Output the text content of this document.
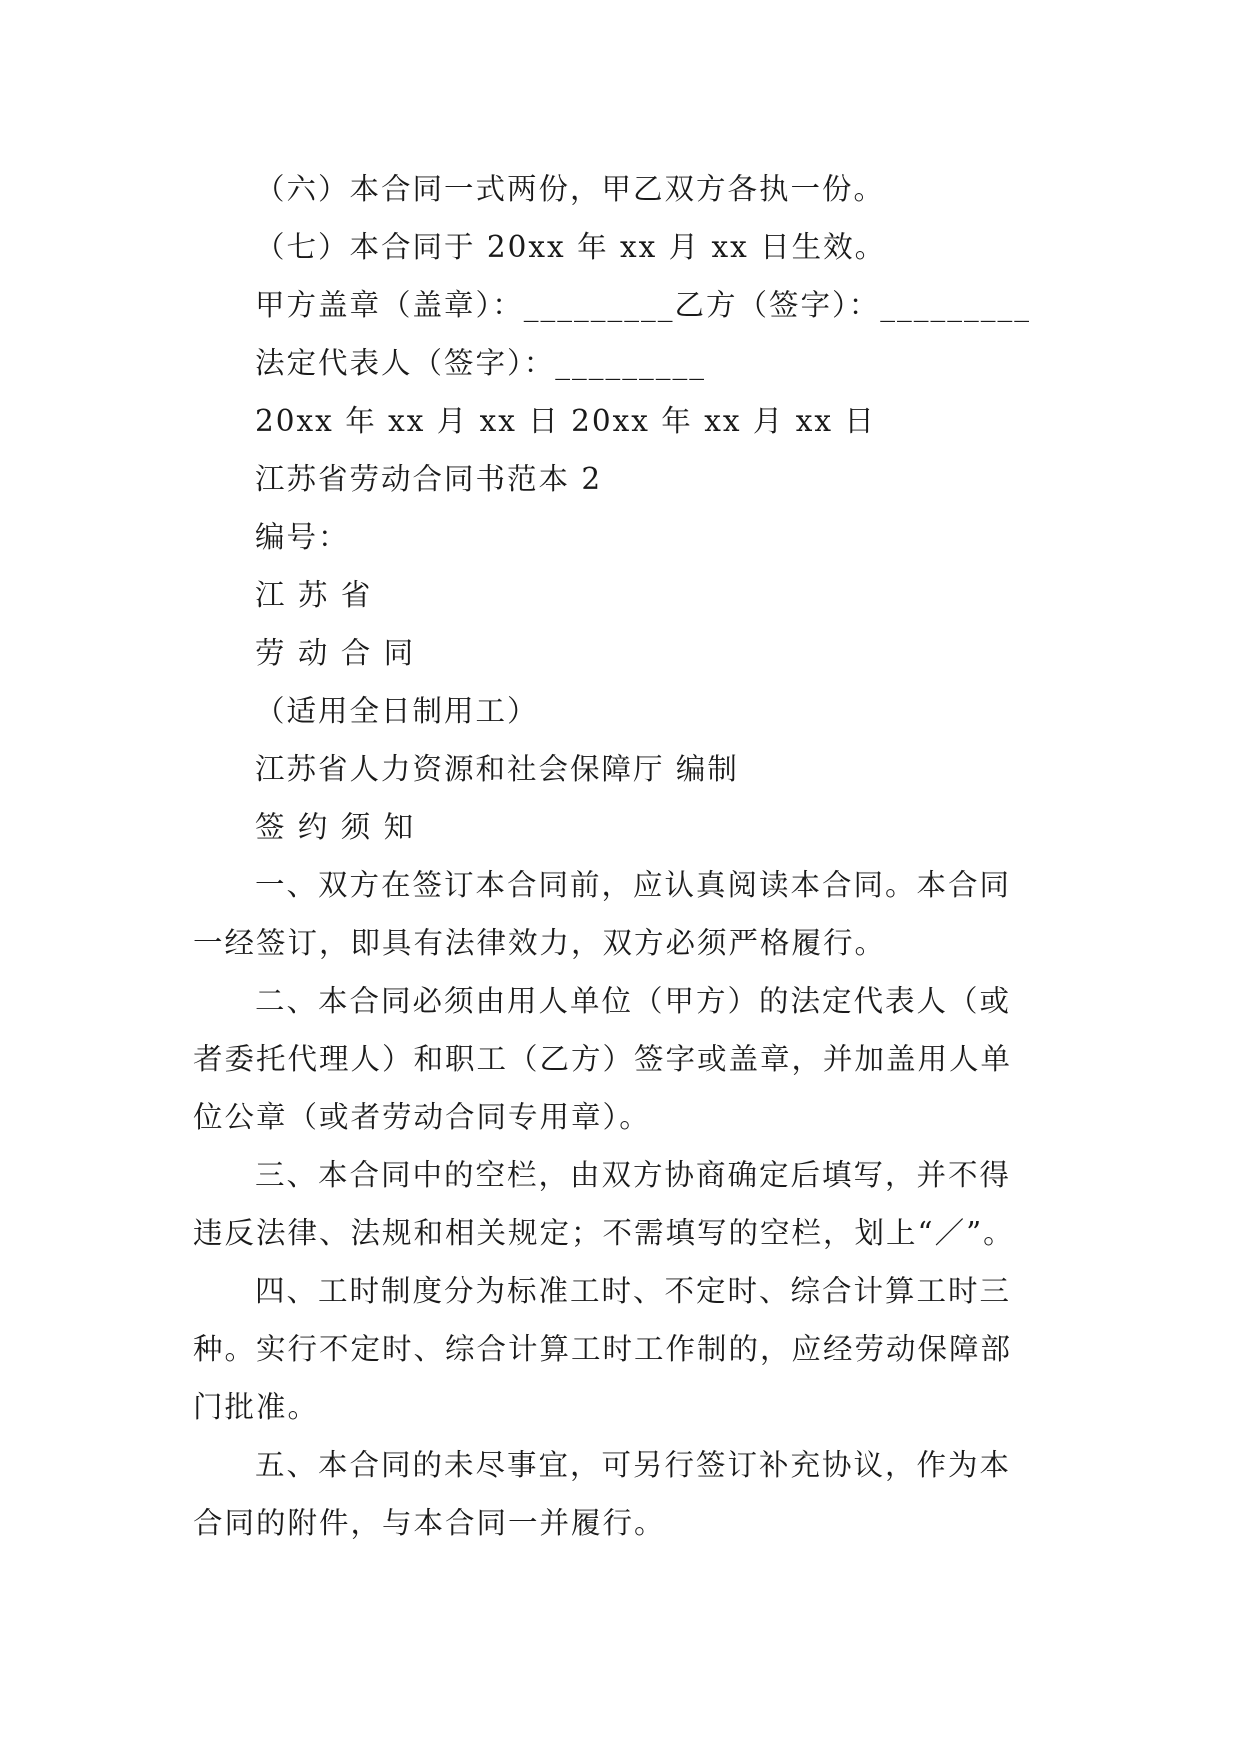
（六）本合同一式两份，甲乙双方各执一份。
（七）本合同于 20xx 年 xx 月 xx 日生效。
甲方盖章（盖章）：_________乙方（签字）：_________
法定代表人（签字）：_________
20xx 年 xx 月 xx 日 20xx 年 xx 月 xx 日
江苏省劳动合同书范本 2
编号：
江 苏 省
劳 动 合 同
（适用全日制用工）
江苏省人力资源和社会保障厅 编制
签 约 须 知
一、双方在签订本合同前，应认真阅读本合同。本合同
一经签订，即具有法律效力，双方必须严格履行。
二、本合同必须由用人单位（甲方）的法定代表人（或
者委托代理人）和职工（乙方）签字或盖章，并加盖用人单
位公章（或者劳动合同专用章）。
三、本合同中的空栏，由双方协商确定后填写，并不得
违反法律、法规和相关规定；不需填写的空栏，划上“／”。
四、工时制度分为标准工时、不定时、综合计算工时三
种。实行不定时、综合计算工时工作制的，应经劳动保障部
门批准。
五、本合同的未尽事宜，可另行签订补充协议，作为本
合同的附件，与本合同一并履行。
